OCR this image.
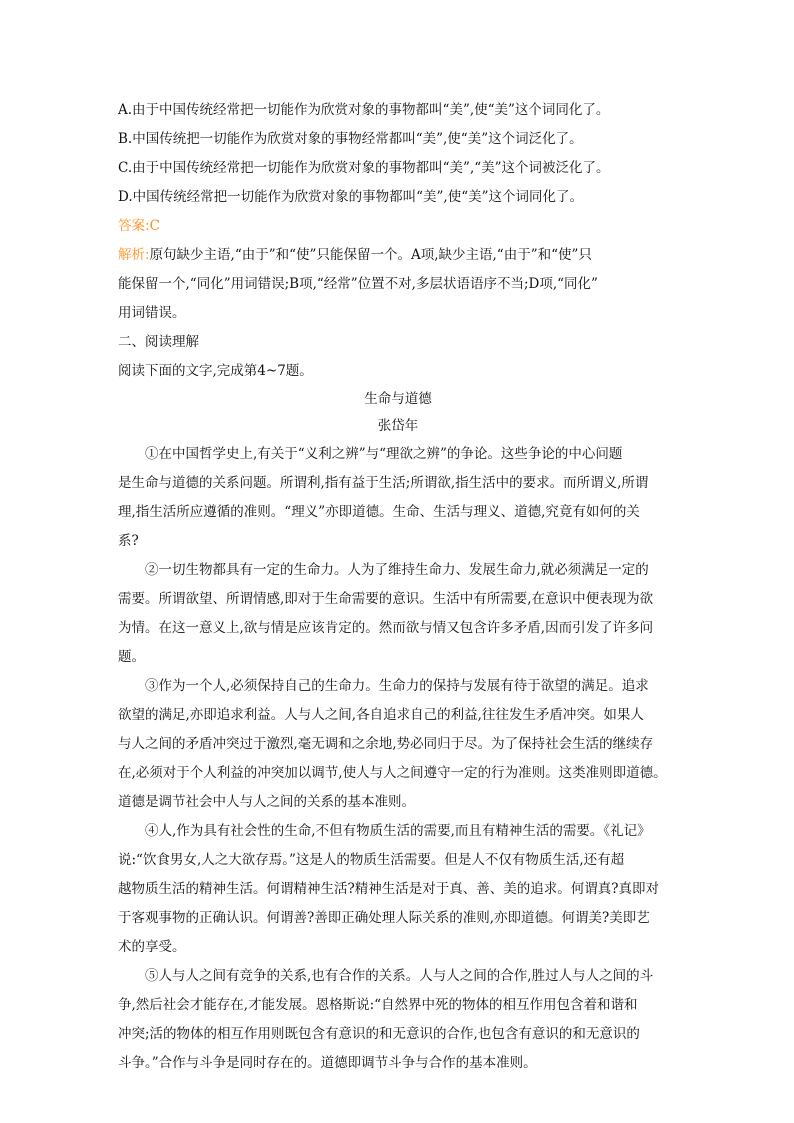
A.由于中国传统经常把一切能作为欣赏对象的事物都叫“美”,使“美”这个词同化了。
B.中国传统把一切能作为欣赏对象的事物经常都叫“美”,使“美”这个词泛化了。
C.由于中国传统经常把一切能作为欣赏对象的事物都叫“美”,“美”这个词被泛化了。
D.中国传统经常把一切能作为欣赏对象的事物都叫“美”,使“美”这个词同化了。
答案:C
解析:原句缺少主语,“由于”和“使”只能保留一个。A项,缺少主语,“由于”和“使”只
能保留一个,“同化”用词错误;B项,“经常”位置不对,多层状语语序不当;D项,“同化”
用词错误。
二、阅读理解
阅读下面的文字,完成第4~7题。
生命与道德
张岱年
①在中国哲学史上,有关于“义利之辨”与“理欲之辨”的争论。这些争论的中心问题
是生命与道德的关系问题。所谓利,指有益于生活;所谓欲,指生活中的要求。而所谓义,所谓
理,指生活所应遵循的准则。“理义”亦即道德。生命、生活与理义、道德,究竟有如何的关
系?
②一切生物都具有一定的生命力。人为了维持生命力、发展生命力,就必须满足一定的
需要。所谓欲望、所谓情感,即对于生命需要的意识。生活中有所需要,在意识中便表现为欲
为情。在这一意义上,欲与情是应该肯定的。然而欲与情又包含许多矛盾,因而引发了许多问
题。
③作为一个人,必须保持自己的生命力。生命力的保持与发展有待于欲望的满足。追求
欲望的满足,亦即追求利益。人与人之间,各自追求自己的利益,往往发生矛盾冲突。如果人
与人之间的矛盾冲突过于激烈,毫无调和之余地,势必同归于尽。为了保持社会生活的继续存
在,必须对于个人利益的冲突加以调节,使人与人之间遵守一定的行为准则。这类准则即道德。
道德是调节社会中人与人之间的关系的基本准则。
④人,作为具有社会性的生命,不但有物质生活的需要,而且有精神生活的需要。《礼记》
说:“饮食男女,人之大欲存焉。”这是人的物质生活需要。但是人不仅有物质生活,还有超
越物质生活的精神生活。何谓精神生活?精神生活是对于真、善、美的追求。何谓真?真即对
于客观事物的正确认识。何谓善?善即正确处理人际关系的准则,亦即道德。何谓美?美即艺
术的享受。
⑤人与人之间有竞争的关系,也有合作的关系。人与人之间的合作,胜过人与人之间的斗
争,然后社会才能存在,才能发展。恩格斯说:“自然界中死的物体的相互作用包含着和谐和
冲突;活的物体的相互作用则既包含有意识的和无意识的合作,也包含有意识的和无意识的
斗争。”合作与斗争是同时存在的。道德即调节斗争与合作的基本准则。
